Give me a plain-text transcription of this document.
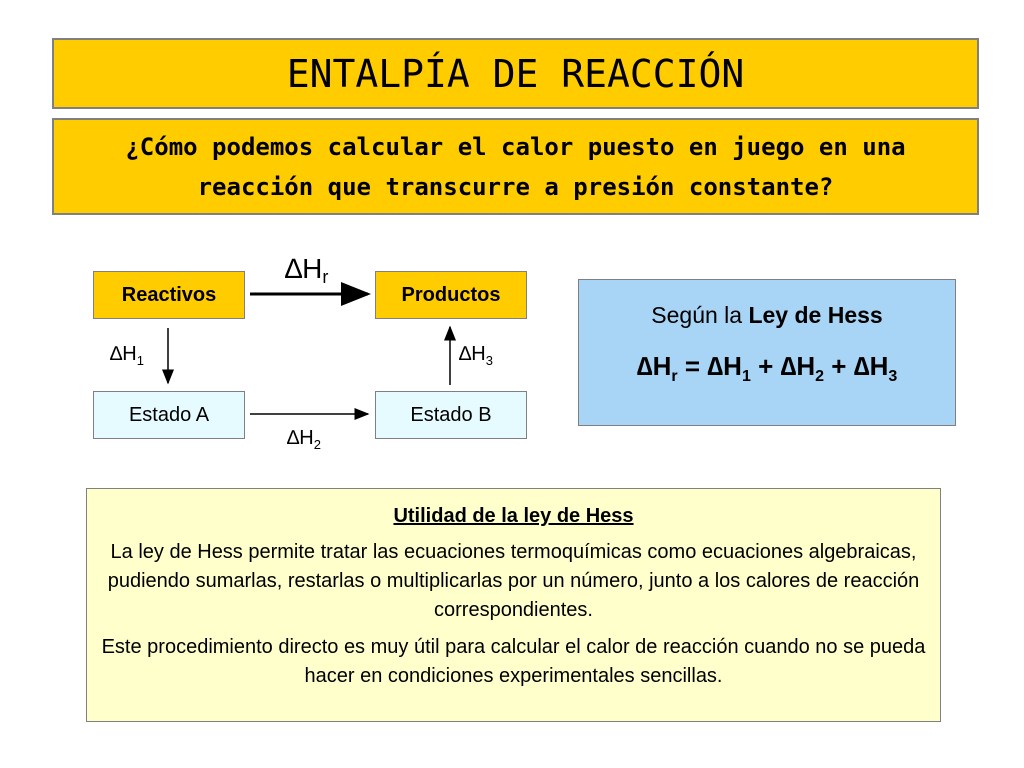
ENTALPÍA DE REACCIÓN
¿Cómo podemos calcular el calor puesto en juego en una reacción que transcurre a presión constante?
Reactivos	Productos
Estado A	Estado B
$\Delta H_r$
$\Delta H_1$	$\Delta H_3$
$\Delta H_2$
Según la Ley de Hess
$\Delta H_r = \Delta H_1 + \Delta H_2 + \Delta H_3$
Utilidad de la ley de Hess

La ley de Hess permite tratar las ecuaciones termoquímicas como ecuaciones algebraicas, pudiendo sumarlas, restarlas o multiplicarlas por un número, junto a los calores de reacción correspondientes.

Este procedimiento directo es muy útil para calcular el calor de reacción cuando no se pueda hacer en condiciones experimentales sencillas.
